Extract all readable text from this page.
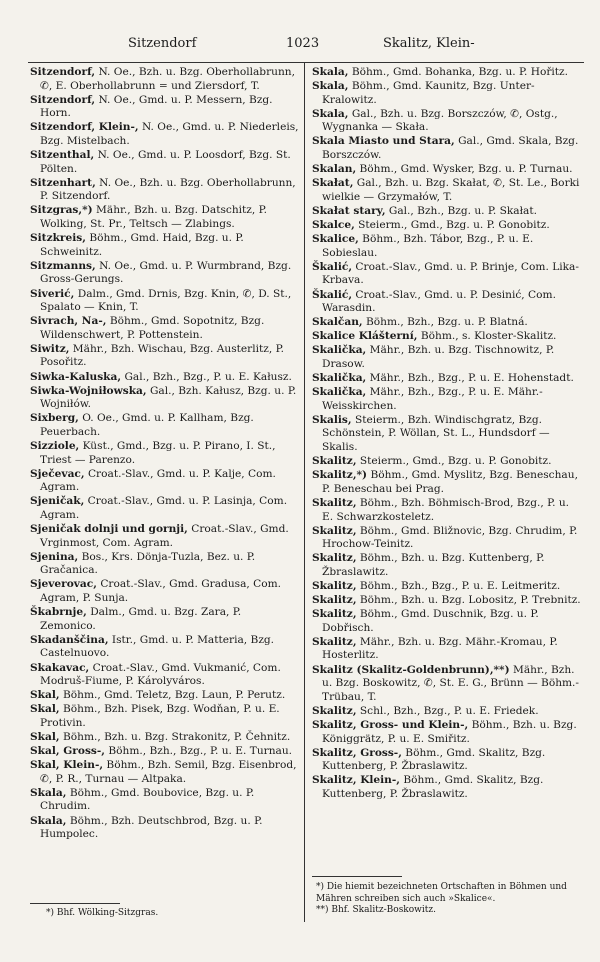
Sitzendorf	1023	Skalitz, Klein-
Sitzendorf, N. Oe., Bzh. u. Bzg. Oberhollabrunn, ✆, E. Oberhollabrunn = und Ziersdorf, T.
Sitzendorf, N. Oe., Gmd. u. P. Messern, Bzg. Horn.
Sitzendorf, Klein-, N. Oe., Gmd. u. P. Niederleis, Bzg. Mistelbach.
Sitzenthal, N. Oe., Gmd. u. P. Loosdorf, Bzg. St. Pölten.
Sitzenhart, N. Oe., Bzh. u. Bzg. Oberhollabrunn, P. Sitzendorf.
Sitzgras,*) Mähr., Bzh. u. Bzg. Datschitz, P. Wolking, St. Pr., Teltsch — Zlabings.
Sitzkreis, Böhm., Gmd. Haid, Bzg. u. P. Schweinitz.
Sitzmanns, N. Oe., Gmd. u. P. Wurmbrand, Bzg. Gross-Gerungs.
Siverić, Dalm., Gmd. Drnis, Bzg. Knin, ✆, D. St., Spalato — Knin, T.
Sivrach, Na-, Böhm., Gmd. Sopotnitz, Bzg. Wildenschwert, P. Pottenstein.
Siwitz, Mähr., Bzh. Wischau, Bzg. Austerlitz, P. Posořitz.
Siwka-Kaluska, Gal., Bzh., Bzg., P. u. E. Kałusz.
Siwka-Wojniłowska, Gal., Bzh. Kałusz, Bzg. u. P. Wojniłów.
Sixberg, O. Oe., Gmd. u. P. Kallham, Bzg. Peuerbach.
Sizziole, Küst., Gmd., Bzg. u. P. Pirano, I. St., Triest — Parenzo.
Sječevac, Croat.-Slav., Gmd. u. P. Kalje, Com. Agram.
Sjeničak, Croat.-Slav., Gmd. u. P. Lasinja, Com. Agram.
Sjeničak dolnji und gornji, Croat.-Slav., Gmd. Vrginmost, Com. Agram.
Sjenina, Bos., Krs. Dönja-Tuzla, Bez. u. P. Gračanica.
Sjeverovac, Croat.-Slav., Gmd. Gradusa, Com. Agram, P. Sunja.
Škabrnje, Dalm., Gmd. u. Bzg. Zara, P. Zemonico.
Skadanščina, Istr., Gmd. u. P. Matteria, Bzg. Castelnuovo.
Skakavac, Croat.-Slav., Gmd. Vukmanić, Com. Modruš-Fiume, P. Károlyváros.
Skal, Böhm., Gmd. Teletz, Bzg. Laun, P. Perutz.
Skal, Böhm., Bzh. Pisek, Bzg. Wodňan, P. u. E. Protivin.
Skal, Böhm., Bzh. u. Bzg. Strakonitz, P. Čehnitz.
Skal, Gross-, Böhm., Bzh., Bzg., P. u. E. Turnau.
Skal, Klein-, Böhm., Bzh. Semil, Bzg. Eisenbrod, ✆, P. R., Turnau — Altpaka.
Skala, Böhm., Gmd. Boubovice, Bzg. u. P. Chrudim.
Skala, Böhm., Bzh. Deutschbrod, Bzg. u. P. Humpolec.
Skala, Böhm., Gmd. Bohanka, Bzg. u. P. Hořitz.
Skala, Böhm., Gmd. Kaunitz, Bzg. Unter-Kralowitz.
Skala, Gal., Bzh. u. Bzg. Borszczów, ✆, Ostg., Wygnanka — Skała.
Skala Miasto und Stara, Gal., Gmd. Skala, Bzg. Borszczów.
Skalan, Böhm., Gmd. Wysker, Bzg. u. P. Turnau.
Skałat, Gal., Bzh. u. Bzg. Skałat, ✆, St. Le., Borki wielkie — Grzymałów, T.
Skałat stary, Gal., Bzh., Bzg. u. P. Skałat.
Skalce, Steierm., Gmd., Bzg. u. P. Gonobitz.
Skalice, Böhm., Bzh. Tábor, Bzg., P. u. E. Sobieslau.
Škalić, Croat.-Slav., Gmd. u. P. Brinje, Com. Lika-Krbava.
Škalić, Croat.-Slav., Gmd. u. P. Desinić, Com. Warasdin.
Skalčan, Böhm., Bzh., Bzg. u. P. Blatná.
Skalice Klášterní, Böhm., s. Kloster-Skalitz.
Skalička, Mähr., Bzh. u. Bzg. Tischnowitz, P. Drasow.
Skalička, Mähr., Bzh., Bzg., P. u. E. Hohenstadt.
Skalička, Mähr., Bzh., Bzg., P. u. E. Mähr.-Weisskirchen.
Skalis, Steierm., Bzh. Windischgratz, Bzg. Schönstein, P. Wöllan, St. L., Hundsdorf — Skalis.
Skalitz, Steierm., Gmd., Bzg. u. P. Gonobitz.
Skalitz,*) Böhm., Gmd. Myslitz, Bzg. Beneschau, P. Beneschau bei Prag.
Skalitz, Böhm., Bzh. Böhmisch-Brod, Bzg., P. u. E. Schwarzkosteletz.
Skalitz, Böhm., Gmd. Bližnovic, Bzg. Chrudim, P. Hrochow-Teinitz.
Skalitz, Böhm., Bzh. u. Bzg. Kuttenberg, P. Žbraslawitz.
Skalitz, Böhm., Bzh., Bzg., P. u. E. Leitmeritz.
Skalitz, Böhm., Bzh. u. Bzg. Lobositz, P. Trebnitz.
Skalitz, Böhm., Gmd. Duschnik, Bzg. u. P. Dobřisch.
Skalitz, Mähr., Bzh. u. Bzg. Mähr.-Kromau, P. Hosterlitz.
Skalitz (Skalitz-Goldenbrunn),**) Mähr., Bzh. u. Bzg. Boskowitz, ✆, St. E. G., Brünn — Böhm.-Trübau, T.
Skalitz, Schl., Bzh., Bzg., P. u. E. Friedek.
Skalitz, Gross- und Klein-, Böhm., Bzh. u. Bzg. Königgrätz, P. u. E. Smiřitz.
Skalitz, Gross-, Böhm., Gmd. Skalitz, Bzg. Kuttenberg, P. Žbraslawitz.
Skalitz, Klein-, Böhm., Gmd. Skalitz, Bzg. Kuttenberg, P. Žbraslawitz.
*) Bhf. Wölking-Sitzgras.
*) Die hiemit bezeichneten Ortschaften in Böhmen und Mähren schreiben sich auch »Skalice«.
**) Bhf. Skalitz-Boskowitz.
